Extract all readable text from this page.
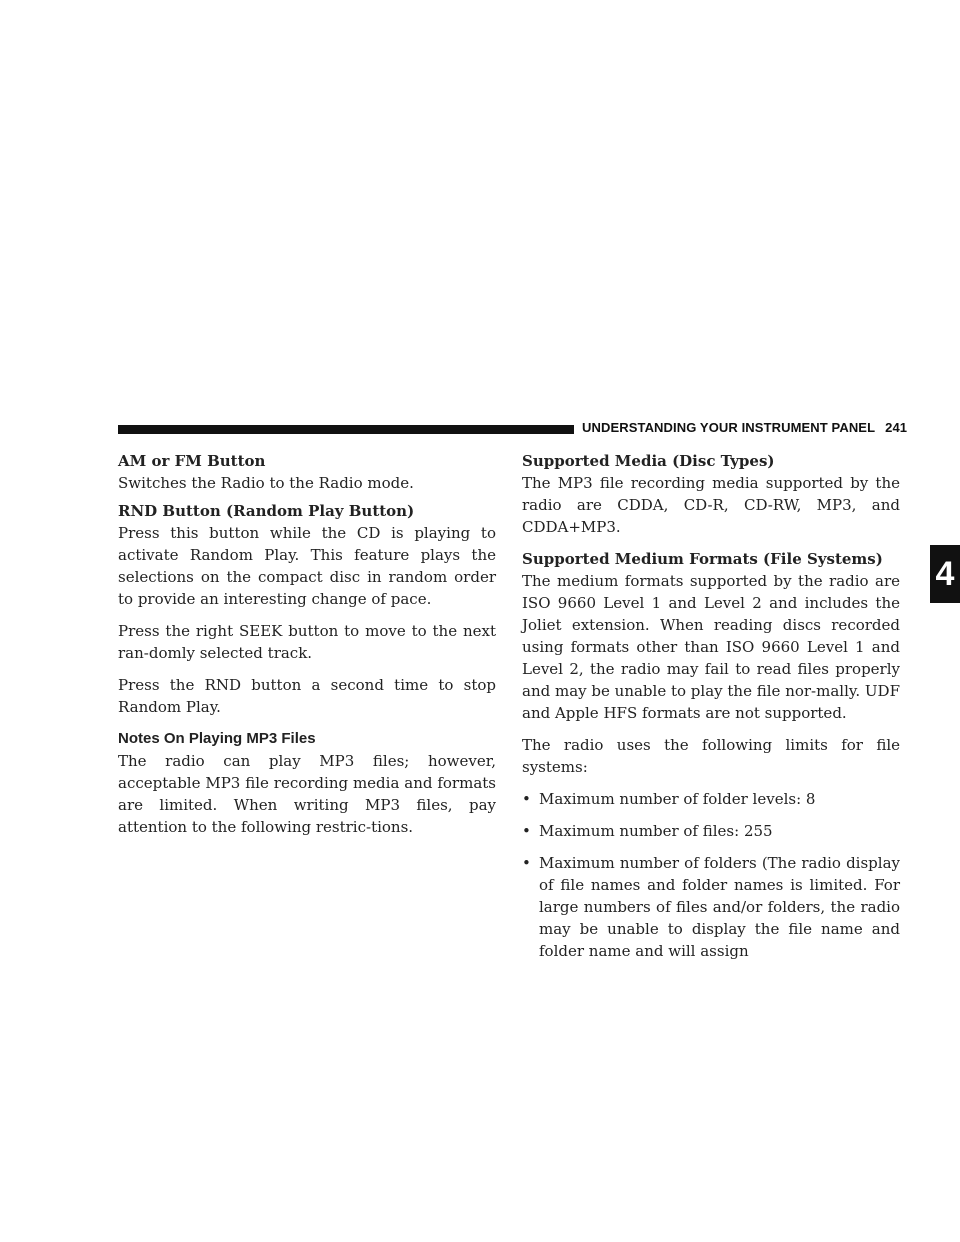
UNDERSTANDING YOUR INSTRUMENT PANEL 241
4
AM or FM Button

Switches the Radio to the Radio mode.

RND Button (Random Play Button)

Press this button while the CD is playing to activate Random Play. This feature plays the selections on the compact disc in random order to provide an interesting change of pace.

Press the right SEEK button to move to the next ran-domly selected track.

Press the RND button a second time to stop Random Play.

Notes On Playing MP3 Files

The radio can play MP3 files; however, acceptable MP3 file recording media and formats are limited. When writing MP3 files, pay attention to the following restric-tions.

Supported Media (Disc Types)

The MP3 file recording media supported by the radio are CDDA, CD-R, CD-RW, MP3, and CDDA+MP3.

Supported Medium Formats (File Systems)

The medium formats supported by the radio are ISO 9660 Level 1 and Level 2 and includes the Joliet extension. When reading discs recorded using formats other than ISO 9660 Level 1 and Level 2, the radio may fail to read files properly and may be unable to play the file nor-mally. UDF and Apple HFS formats are not supported.

The radio uses the following limits for file systems:

• Maximum number of folder levels: 8
• Maximum number of files: 255
• Maximum number of folders (The radio display of file names and folder names is limited. For large numbers of files and/or folders, the radio may be unable to display the file name and folder name and will assign
